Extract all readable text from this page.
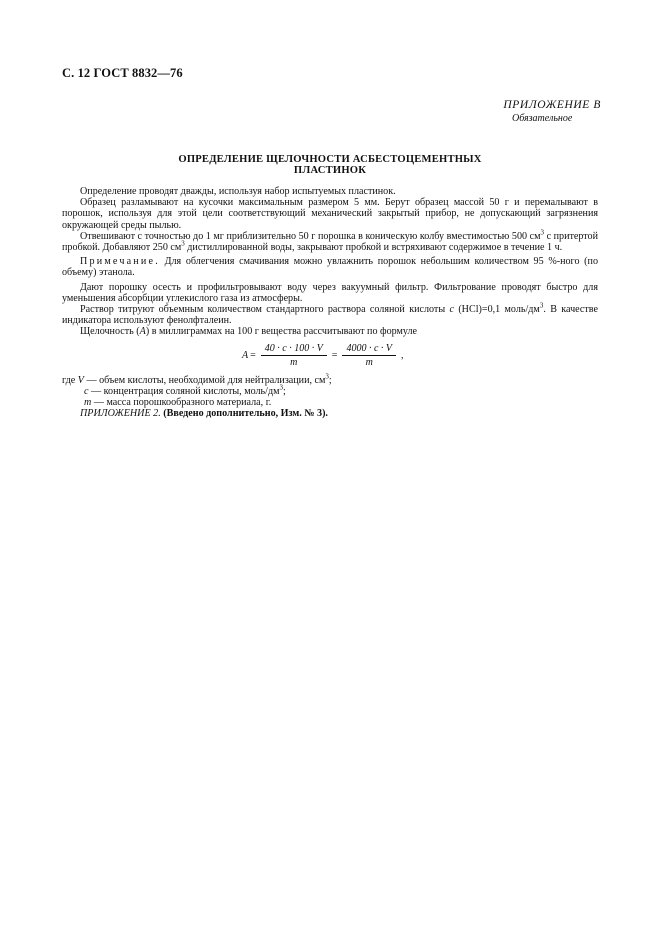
С. 12 ГОСТ 8832—76
ПРИЛОЖЕНИЕ В
Обязательное
ОПРЕДЕЛЕНИЕ ЩЕЛОЧНОСТИ АСБЕСТОЦЕМЕНТНЫХ
ПЛАСТИНОК

Определение проводят дважды, используя набор испытуемых пластинок.

Образец разламывают на кусочки максимальным размером 5 мм. Берут образец массой 50 г и перемалывают в порошок, используя для этой цели соответствующий механический закрытый прибор, не допускающий загрязнения окружающей среды пылью.

Отвешивают с точностью до 1 мг приблизительно 50 г порошка в коническую колбу вместимостью 500 $см^3$ с притертой пробкой. Добавляют 250 $см^3$ дистиллированной воды, закрывают пробкой и встряхивают содержимое в течение 1 ч.

Примечание. Для облегчения смачивания можно увлажнить порошок небольшим количеством 95 %-ного (по объему) этанола.

Дают порошку осесть и профильтровывают воду через вакуумный фильтр. Фильтрование проводят быстро для уменьшения абсорбции углекислого газа из атмосферы.

Раствор титруют объемным количеством стандартного раствора соляной кислоты c (HCl)=0,1 моль/$дм^3$. В качестве индикатора используют фенолфталеин.

Щелочность (A) в миллиграммах на 100 г вещества рассчитывают по формуле

$A = \frac{40 \cdot c \cdot 100 \cdot V}{m} = \frac{4000 \cdot c \cdot V}{m}$ ,
где V — объем кислоты, необходимой для нейтрализации, $см^3$;
c — концентрация соляной кислоты, моль/$дм^3$;
m — масса порошкообразного материала, г.

ПРИЛОЖЕНИЕ 2. (Введено дополнительно, Изм. № 3).
